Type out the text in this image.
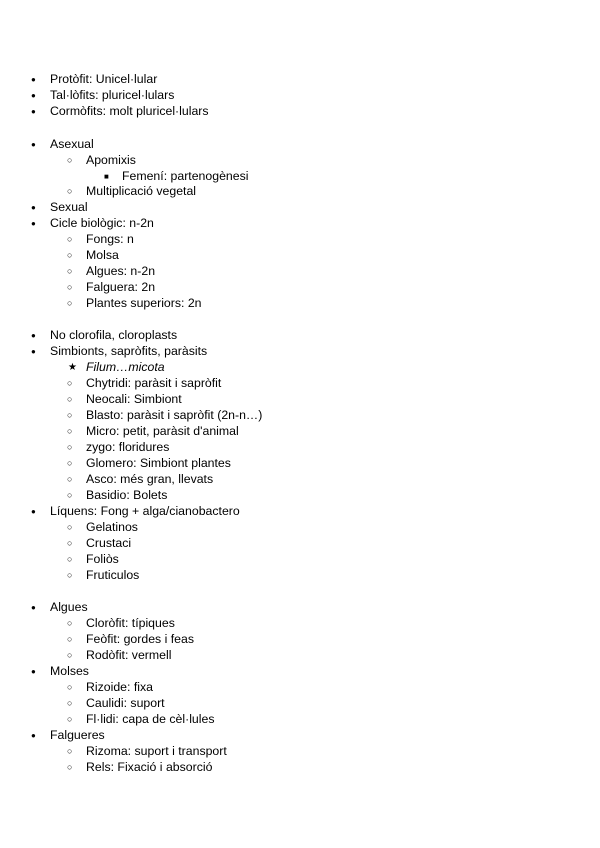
●
Protòfit: Unicel·lular
●
Tal·lòfits: pluricel·lulars
●
Cormòfits: molt pluricel·lulars
●
Asexual
○
Apomixis
■
Femení: partenogènesi
○
Multiplicació vegetal
●
Sexual
●
Cicle biològic: n-2n
○
Fongs: n
○
Molsa
○
Algues: n-2n
○
Falguera: 2n
○
Plantes superiors: 2n
●
No clorofila, cloroplasts
●
Simbionts, sapròfits, paràsits
★
Filum…micota
○
Chytridi: paràsit i sapròfit
○
Neocali: Simbiont
○
Blasto: paràsit i sapròfit (2n-n…)
○
Micro: petit, paràsit d'animal
○
zygo: floridures
○
Glomero: Simbiont plantes
○
Asco: més gran, llevats
○
Basidio: Bolets
●
Líquens: Fong + alga/cianobactero
○
Gelatinos
○
Crustaci
○
Foliòs
○
Fruticulos
●
Algues
○
Cloròfit: típiques
○
Feòfit: gordes i feas
○
Rodòfit: vermell
●
Molses
○
Rizoide: fixa
○
Caulidi: suport
○
Fl·lidi: capa de cèl·lules
●
Falgueres
○
Rizoma: suport i transport
○
Rels: Fixació i absorció
